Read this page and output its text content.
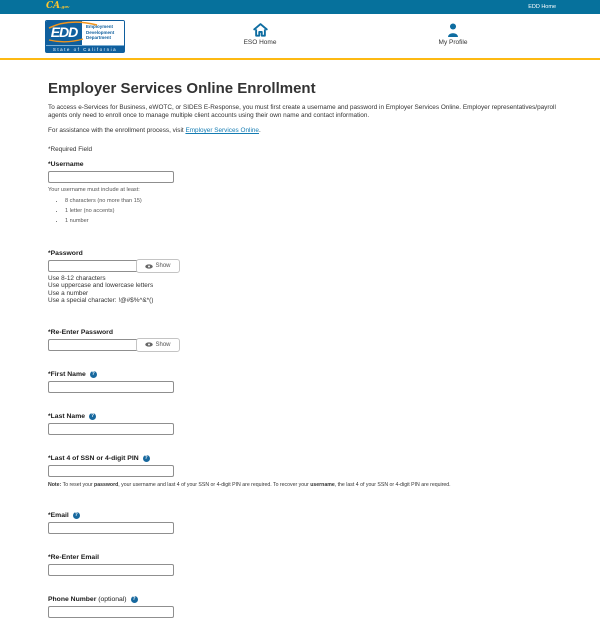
CA.gov	EDD Home
EDD	Employment
Development
Department
State of California
ESO Home	My Profile
Employer Services Online Enrollment

To access e-Services for Business, eWOTC, or SIDES E-Response, you must first create a username and password in Employer Services Online. Employer representatives/payroll agents only need to enroll once to manage multiple client accounts using their own name and contact information.

For assistance with the enrollment process, visit Employer Services Online.

*Required Field
*Username
Your username must include at least:
• 8 characters (no more than 15)
• 1 letter (no accents)
• 1 number
*Password
Show
Use 8-12 characters
Use uppercase and lowercase letters
Use a number
Use a special character: !@#$%^&*()
*Re-Enter Password
Show
*First Name ?
*Last Name ?
*Last 4 of SSN or 4-digit PIN ?
Note: To reset your password, your username and last 4 of your SSN or 4-digit PIN are required. To recover your username, the last 4 of your SSN or 4-digit PIN are required.
*Email ?
*Re-Enter Email
Phone Number (optional) ?
